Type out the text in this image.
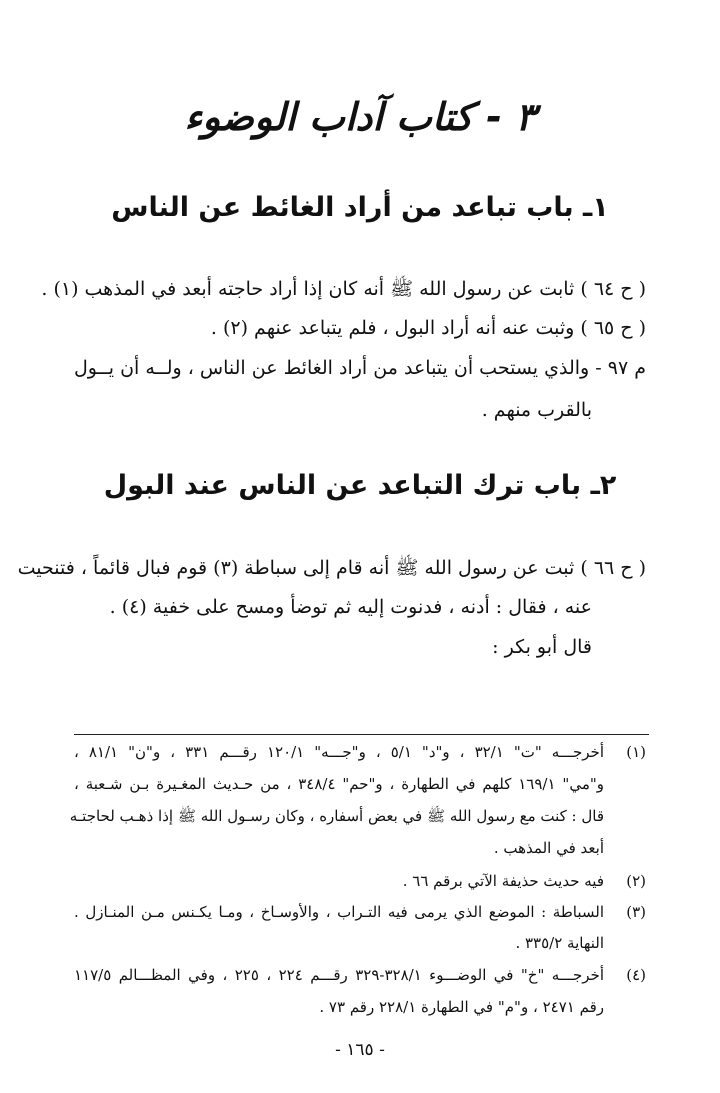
٣ - كتاب آداب الوضوء
١ـ باب تباعد من أراد الغائط عن الناس
( ح ٦٤ ) ثابت عن رسول الله ﷺ أنه كان إذا أراد حاجته أبعد في المذهب (١) .
( ح ٦٥ ) وثبت عنه أنه أراد البول ، فلم يتباعد عنهم (٢) .
م ٩٧ - والذي يستحب أن يتباعد من أراد الغائط عن الناس ، ولــه أن يــول
بالقرب منهم .
٢ـ باب ترك التباعد عن الناس عند البول
( ح ٦٦ ) ثبت عن رسول الله ﷺ أنه قام إلى سباطة (٣) قوم فبال قائماً ، فتنحيت
عنه ، فقال : أدنه ، فدنوت إليه ثم توضأ ومسح على خفية (٤) .
قال أبو بكر :
(١)
أخرجـــه "ت" ٣٢/١ ، و"د" ٥/١ ، و"جـــه" ١٢٠/١ رقـــم ٣٣١ ، و"ن" ٨١/١ ،
و"مي" ١٦٩/١ كلهم في الطهارة ، و"حم" ٣٤٨/٤ ، من حـديث المغـيرة بـن شـعبة ،
قال : كنت مع رسول الله ﷺ في بعض أسفاره ، وكان رسـول الله ﷺ إذا ذهـب لحاجتـه
أبعد في المذهب .
(٢)
فيه حديث حذيفة الآتي برقم ٦٦ .
(٣)
السباطة : الموضع الذي يرمى فيه التـراب ، والأوسـاخ ، ومـا يكـنس مـن المنـازل .
النهاية ٣٣٥/٢ .
(٤)
أخرجـــه "خ" في الوضـــوء ٣٢٨/١-٣٢٩ رقـــم ٢٢٤ ، ٢٢٥ ، وفي المظـــالم ١١٧/٥
رقم ٢٤٧١ ، و"م" في الطهارة ٢٢٨/١ رقم ٧٣ .
- ١٦٥ -
